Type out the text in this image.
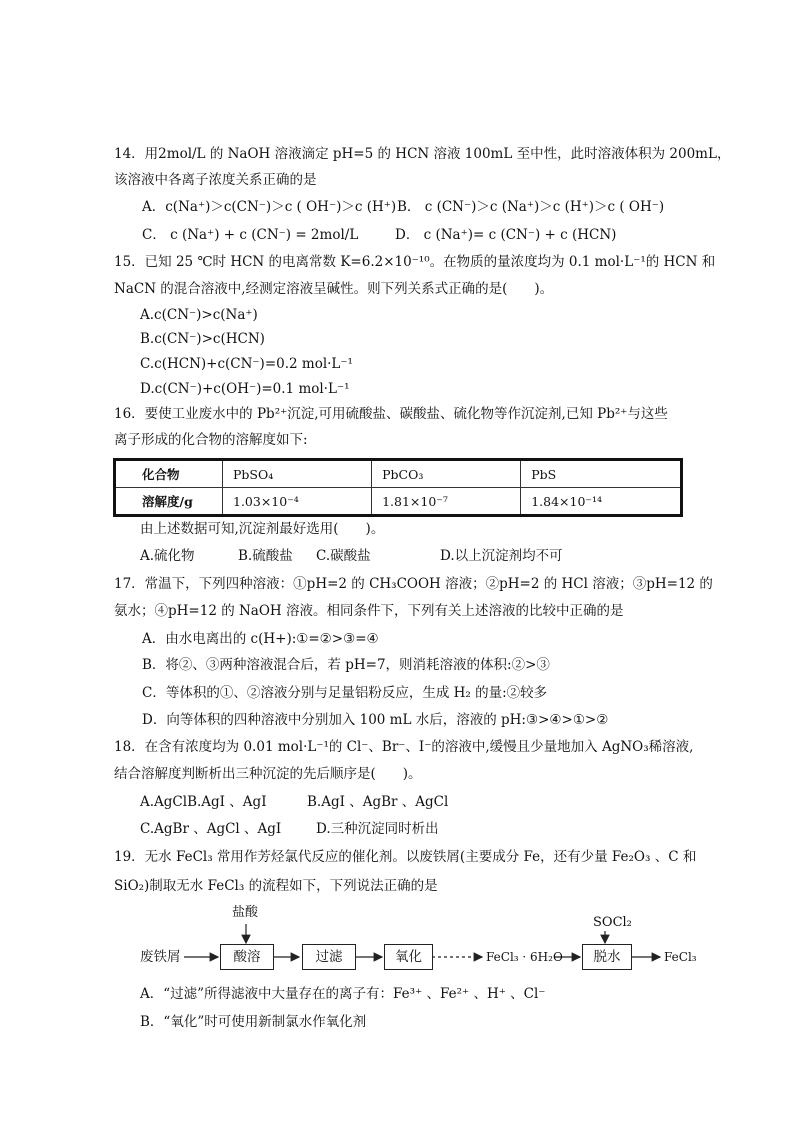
14．用2mol/L 的 NaOH 溶液滴定 pH=5 的 HCN 溶液 100mL 至中性，此时溶液体积为 200mL，
该溶液中各离子浓度关系正确的是
A．c(Na⁺)＞c(CN⁻)＞c ( OH⁻)＞c (H⁺) B． c (CN⁻)＞c (Na⁺)＞c (H⁺)＞c ( OH⁻)
C． c (Na⁺) + c (CN⁻) = 2mol/L	D． c (Na⁺)= c (CN⁻) + c (HCN)
15．已知 25 ℃时 HCN 的电离常数 K=6.2×10⁻¹⁰。在物质的量浓度均为 0.1 mol·L⁻¹的 HCN 和
NaCN 的混合溶液中,经测定溶液呈碱性。则下列关系式正确的是(　　)。
A.c(CN⁻)>c(Na⁺)
B.c(CN⁻)>c(HCN)
C.c(HCN)+c(CN⁻)=0.2 mol·L⁻¹
D.c(CN⁻)+c(OH⁻)=0.1 mol·L⁻¹
16．要使工业废水中的 Pb²⁺沉淀,可用硫酸盐、碳酸盐、硫化物等作沉淀剂,已知 Pb²⁺与这些
离子形成的化合物的溶解度如下:
化合物	PbSO₄	PbCO₃	PbS
溶解度/g	1.03×10⁻⁴	1.81×10⁻⁷	1.84×10⁻¹⁴
由上述数据可知,沉淀剂最好选用(　　)。
A.硫化物	B.硫酸盐 C.碳酸盐	D.以上沉淀剂均不可
17．常温下，下列四种溶液：①pH=2 的 CH₃COOH 溶液；②pH=2 的 HCl 溶液；③pH=12 的
氨水；④pH=12 的 NaOH 溶液。相同条件下，下列有关上述溶液的比较中正确的是
A．由水电离出的 c(H+):①=②>③=④
B．将②、③两种溶液混合后，若 pH=7，则消耗溶液的体积:②>③
C．等体积的①、②溶液分别与足量铝粉反应，生成 H₂ 的量:②较多
D．向等体积的四种溶液中分别加入 100 mL 水后，溶液的 pH:③>④>①>②
18．在含有浓度均为 0.01 mol·L⁻¹的 Cl⁻、Br⁻、I⁻的溶液中,缓慢且少量地加入 AgNO₃稀溶液,
结合溶解度判断析出三种沉淀的先后顺序是(　　)。
A.AgClB.AgI 、AgI	B.AgI 、AgBr 、AgCl
C.AgBr 、AgCl 、AgI	D.三种沉淀同时析出
19．无水 FeCl₃ 常用作芳烃氯代反应的催化剂。以废铁屑(主要成分 Fe，还有少量 Fe₂O₃ 、C 和
SiO₂)制取无水 FeCl₃ 的流程如下，下列说法正确的是
盐酸
SOCl₂
废铁屑	酸溶	过滤	氧化	FeCl₃ · 6H₂O	脱水	FeCl₃
A．“过滤”所得滤液中大量存在的离子有：Fe³⁺ 、Fe²⁺ 、H⁺ 、Cl⁻
B．“氧化”时可使用新制氯水作氧化剂
